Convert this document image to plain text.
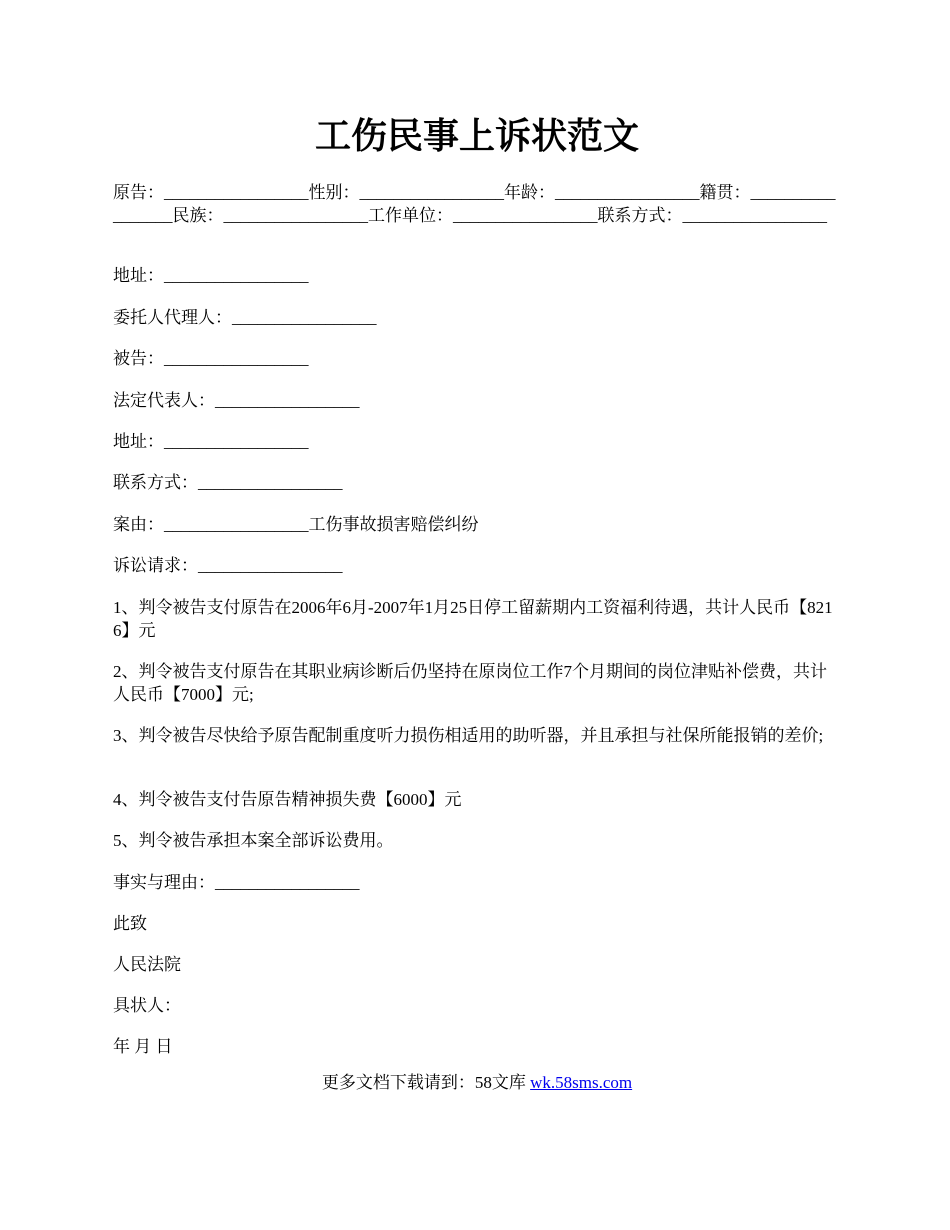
工伤民事上诉状范文
原告：_________________性别：_________________年龄：_________________籍贯：_________________民族：_________________工作单位：_________________联系方式：_________________
地址：_________________
委托人代理人：_________________
被告：_________________
法定代表人：_________________
地址：_________________
联系方式：_________________
案由：_________________工伤事故损害赔偿纠纷
诉讼请求：_________________
1、判令被告支付原告在2006年6月-2007年1月25日停工留薪期内工资福利待遇，共计人民币【8216】元
2、判令被告支付原告在其职业病诊断后仍坚持在原岗位工作7个月期间的岗位津贴补偿费，共计人民币【7000】元;
3、判令被告尽快给予原告配制重度听力损伤相适用的助听器，并且承担与社保所能报销的差价;
4、判令被告支付告原告精神损失费【6000】元
5、判令被告承担本案全部诉讼费用。
事实与理由：_________________
此致
人民法院
具状人：
年 月 日
更多文档下载请到：58文库 wk.58sms.com
